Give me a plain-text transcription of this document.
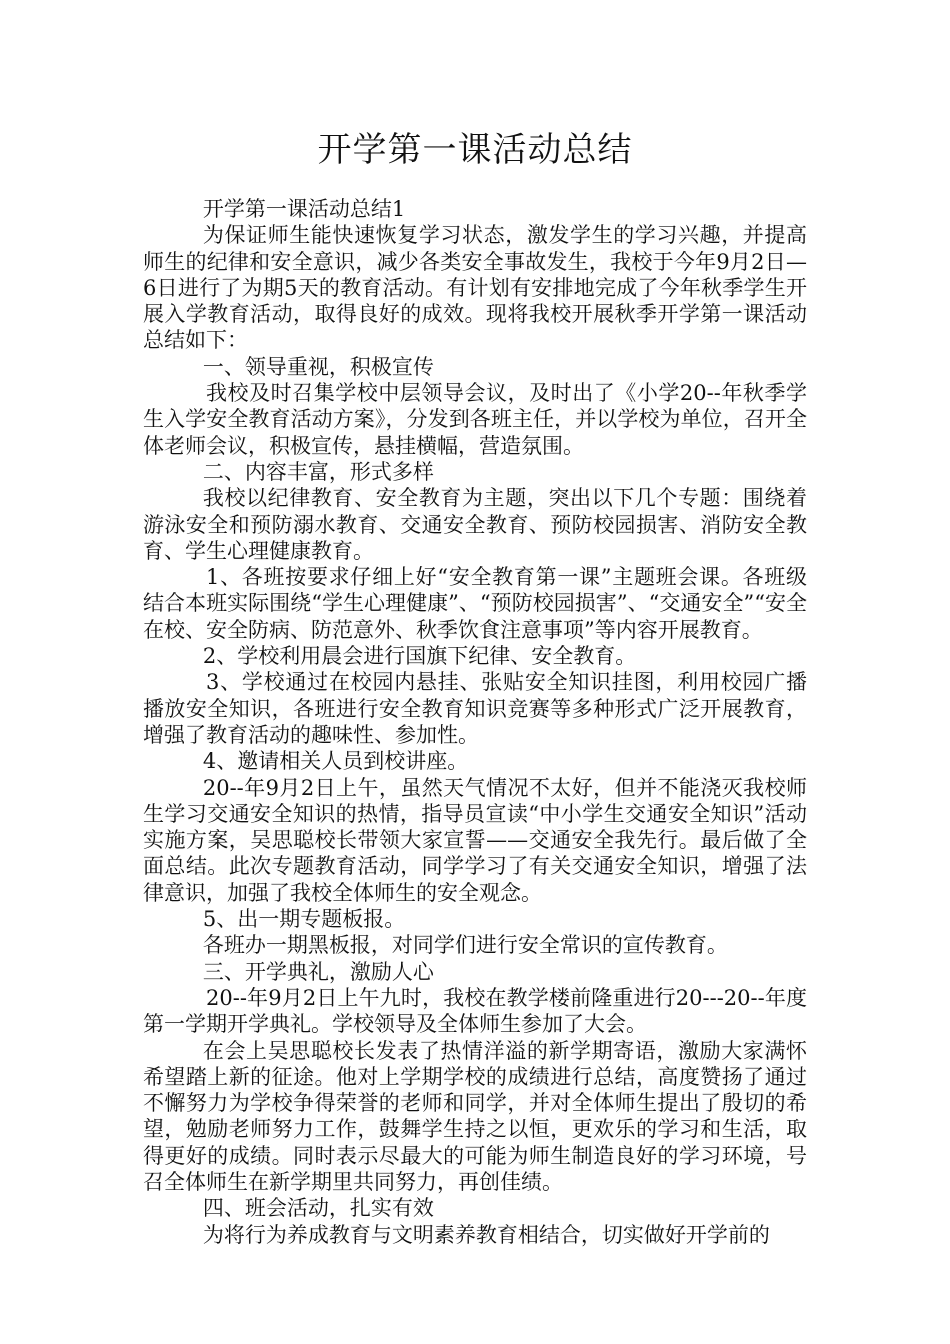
开学第一课活动总结

开学第一课活动总结1

为保证师生能快速恢复学习状态，激发学生的学习兴趣，并提高师生的纪律和安全意识，减少各类安全事故发生，我校于今年9月2日—6日进行了为期5天的教育活动。有计划有安排地完成了今年秋季学生开展入学教育活动，取得良好的成效。现将我校开展秋季开学第一课活动总结如下：

一、领导重视，积极宣传

我校及时召集学校中层领导会议，及时出了《小学20--年秋季学生入学安全教育活动方案》，分发到各班主任，并以学校为单位，召开全体老师会议，积极宣传，悬挂横幅，营造氛围。

二、内容丰富，形式多样

我校以纪律教育、安全教育为主题，突出以下几个专题：围绕着游泳安全和预防溺水教育、交通安全教育、预防校园损害、消防安全教育、学生心理健康教育。

1、各班按要求仔细上好“安全教育第一课”主题班会课。各班级结合本班实际围绕“学生心理健康”、“预防校园损害”、“交通安全”“安全在校、安全防病、防范意外、秋季饮食注意事项”等内容开展教育。

2、学校利用晨会进行国旗下纪律、安全教育。

3、学校通过在校园内悬挂、张贴安全知识挂图，利用校园广播播放安全知识，各班进行安全教育知识竞赛等多种形式广泛开展教育，增强了教育活动的趣味性、参加性。

4、邀请相关人员到校讲座。

20--年9月2日上午，虽然天气情况不太好，但并不能浇灭我校师生学习交通安全知识的热情，指导员宣读“中小学生交通安全知识”活动实施方案，吴思聪校长带领大家宣誓——交通安全我先行。最后做了全面总结。此次专题教育活动，同学学习了有关交通安全知识，增强了法律意识，加强了我校全体师生的安全观念。

5、出一期专题板报。

各班办一期黑板报，对同学们进行安全常识的宣传教育。

三、开学典礼，激励人心

20--年9月2日上午九时，我校在教学楼前隆重进行20---20--年度第一学期开学典礼。学校领导及全体师生参加了大会。

在会上吴思聪校长发表了热情洋溢的新学期寄语，激励大家满怀希望踏上新的征途。他对上学期学校的成绩进行总结，高度赞扬了通过不懈努力为学校争得荣誉的老师和同学，并对全体师生提出了殷切的希望，勉励老师努力工作，鼓舞学生持之以恒，更欢乐的学习和生活，取得更好的成绩。同时表示尽最大的可能为师生制造良好的学习环境，号召全体师生在新学期里共同努力，再创佳绩。

四、班会活动，扎实有效

为将行为养成教育与文明素养教育相结合，切实做好开学前的
